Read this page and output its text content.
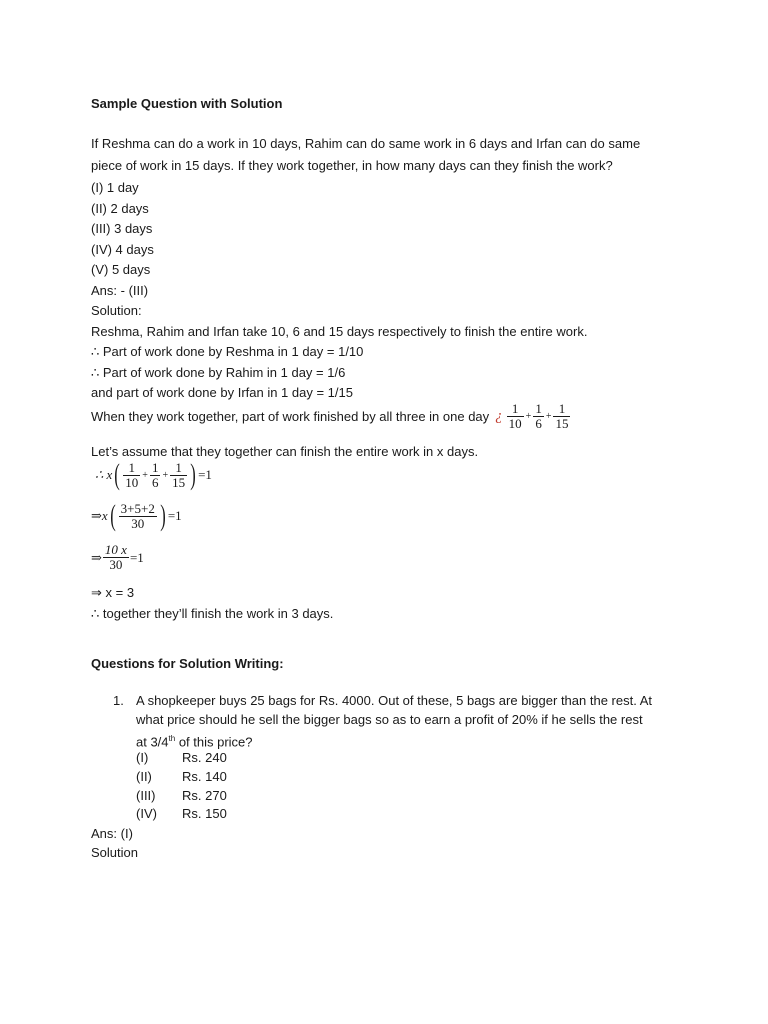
Sample Question with Solution
If Reshma can do a work in 10 days, Rahim can do same work in 6 days and Irfan can do same
piece of work in 15 days. If they work together, in how many days can they finish the work?
(I) 1 day
(II) 2 days
(III) 3 days
(IV) 4 days
(V) 5 days
Ans: - (III)
Solution:
Reshma, Rahim and Irfan take 10, 6 and 15 days respectively to finish the entire work.
∴ Part of work done by Reshma in 1 day = 1/10
∴ Part of work done by Rahim in 1 day = 1/6
and part of work done by Irfan in 1 day = 1/15
When they work together, part of work finished by all three in one day ¿ $\frac{1}{10} + \frac{1}{6} + \frac{1}{15}$
Let’s assume that they together can finish the entire work in x days.
∴ x ( $\frac{1}{10} + \frac{1}{6} + \frac{1}{15}$ ) =1
⇒x ( $\frac{3+5+2}{30}$ ) =1
⇒ $\frac{10 x}{30} =1$
⇒ x = 3
∴ together they’ll finish the work in 3 days.
Questions for Solution Writing:
1. A shopkeeper buys 25 bags for Rs. 4000. Out of these, 5 bags are bigger than the rest. At
what price should he sell the bigger bags so as to earn a profit of 20% if he sells the rest
at 3/4th of this price?
(I)	Rs. 240
(II) Rs. 140
(III) Rs. 270
(IV) Rs. 150
Ans: (I)
Solution
